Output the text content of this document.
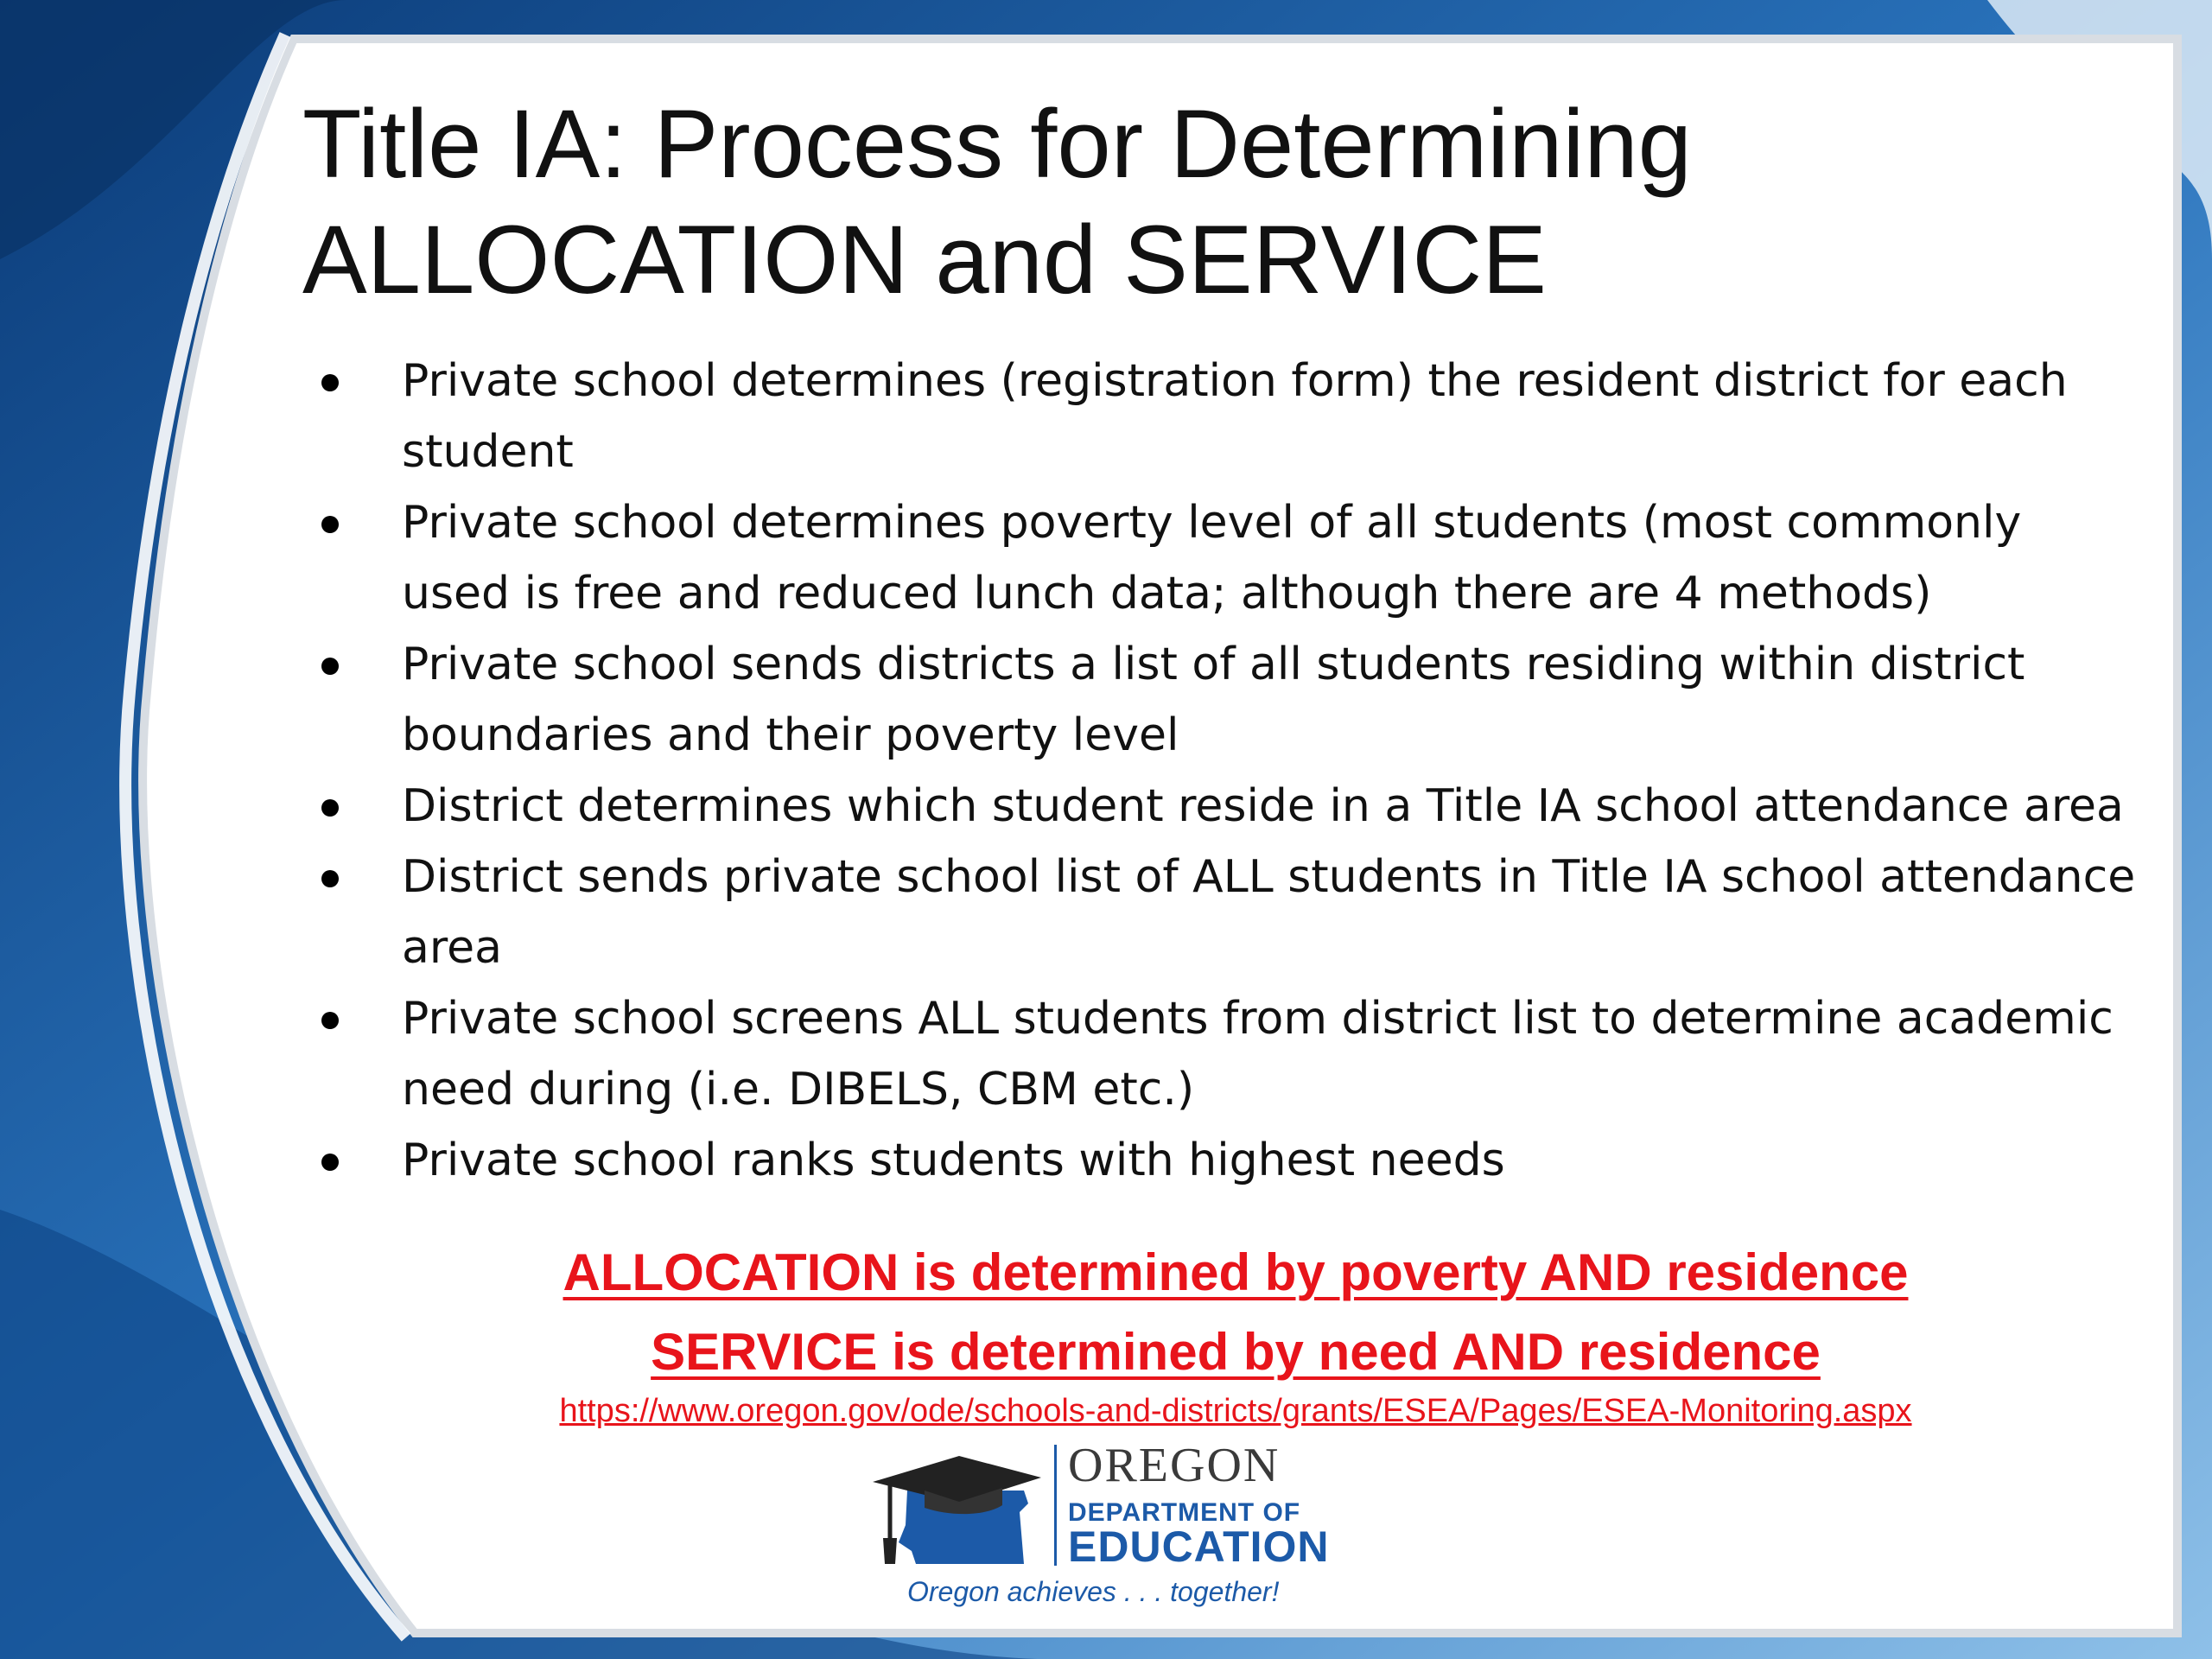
Title IA: Process for Determining
ALLOCATION and SERVICE
Private school determines (registration form) the resident district for each student
Private school determines poverty level of all students (most commonly used is free and reduced lunch data; although there are 4 methods)
Private school sends districts a list of all students residing within district boundaries and their poverty level
District determines which student reside in a Title IA school attendance area
District sends private school list of ALL students in Title IA school attendance area
Private school screens ALL students from district list to determine academic need during (i.e. DIBELS, CBM etc.)
Private school ranks students with highest needs
ALLOCATION is determined by poverty AND residence
SERVICE is determined by need AND residence
https://www.oregon.gov/ode/schools-and-districts/grants/ESEA/Pages/ESEA-Monitoring.aspx
OREGON
DEPARTMENT OF
EDUCATION
Oregon achieves . . . together!
